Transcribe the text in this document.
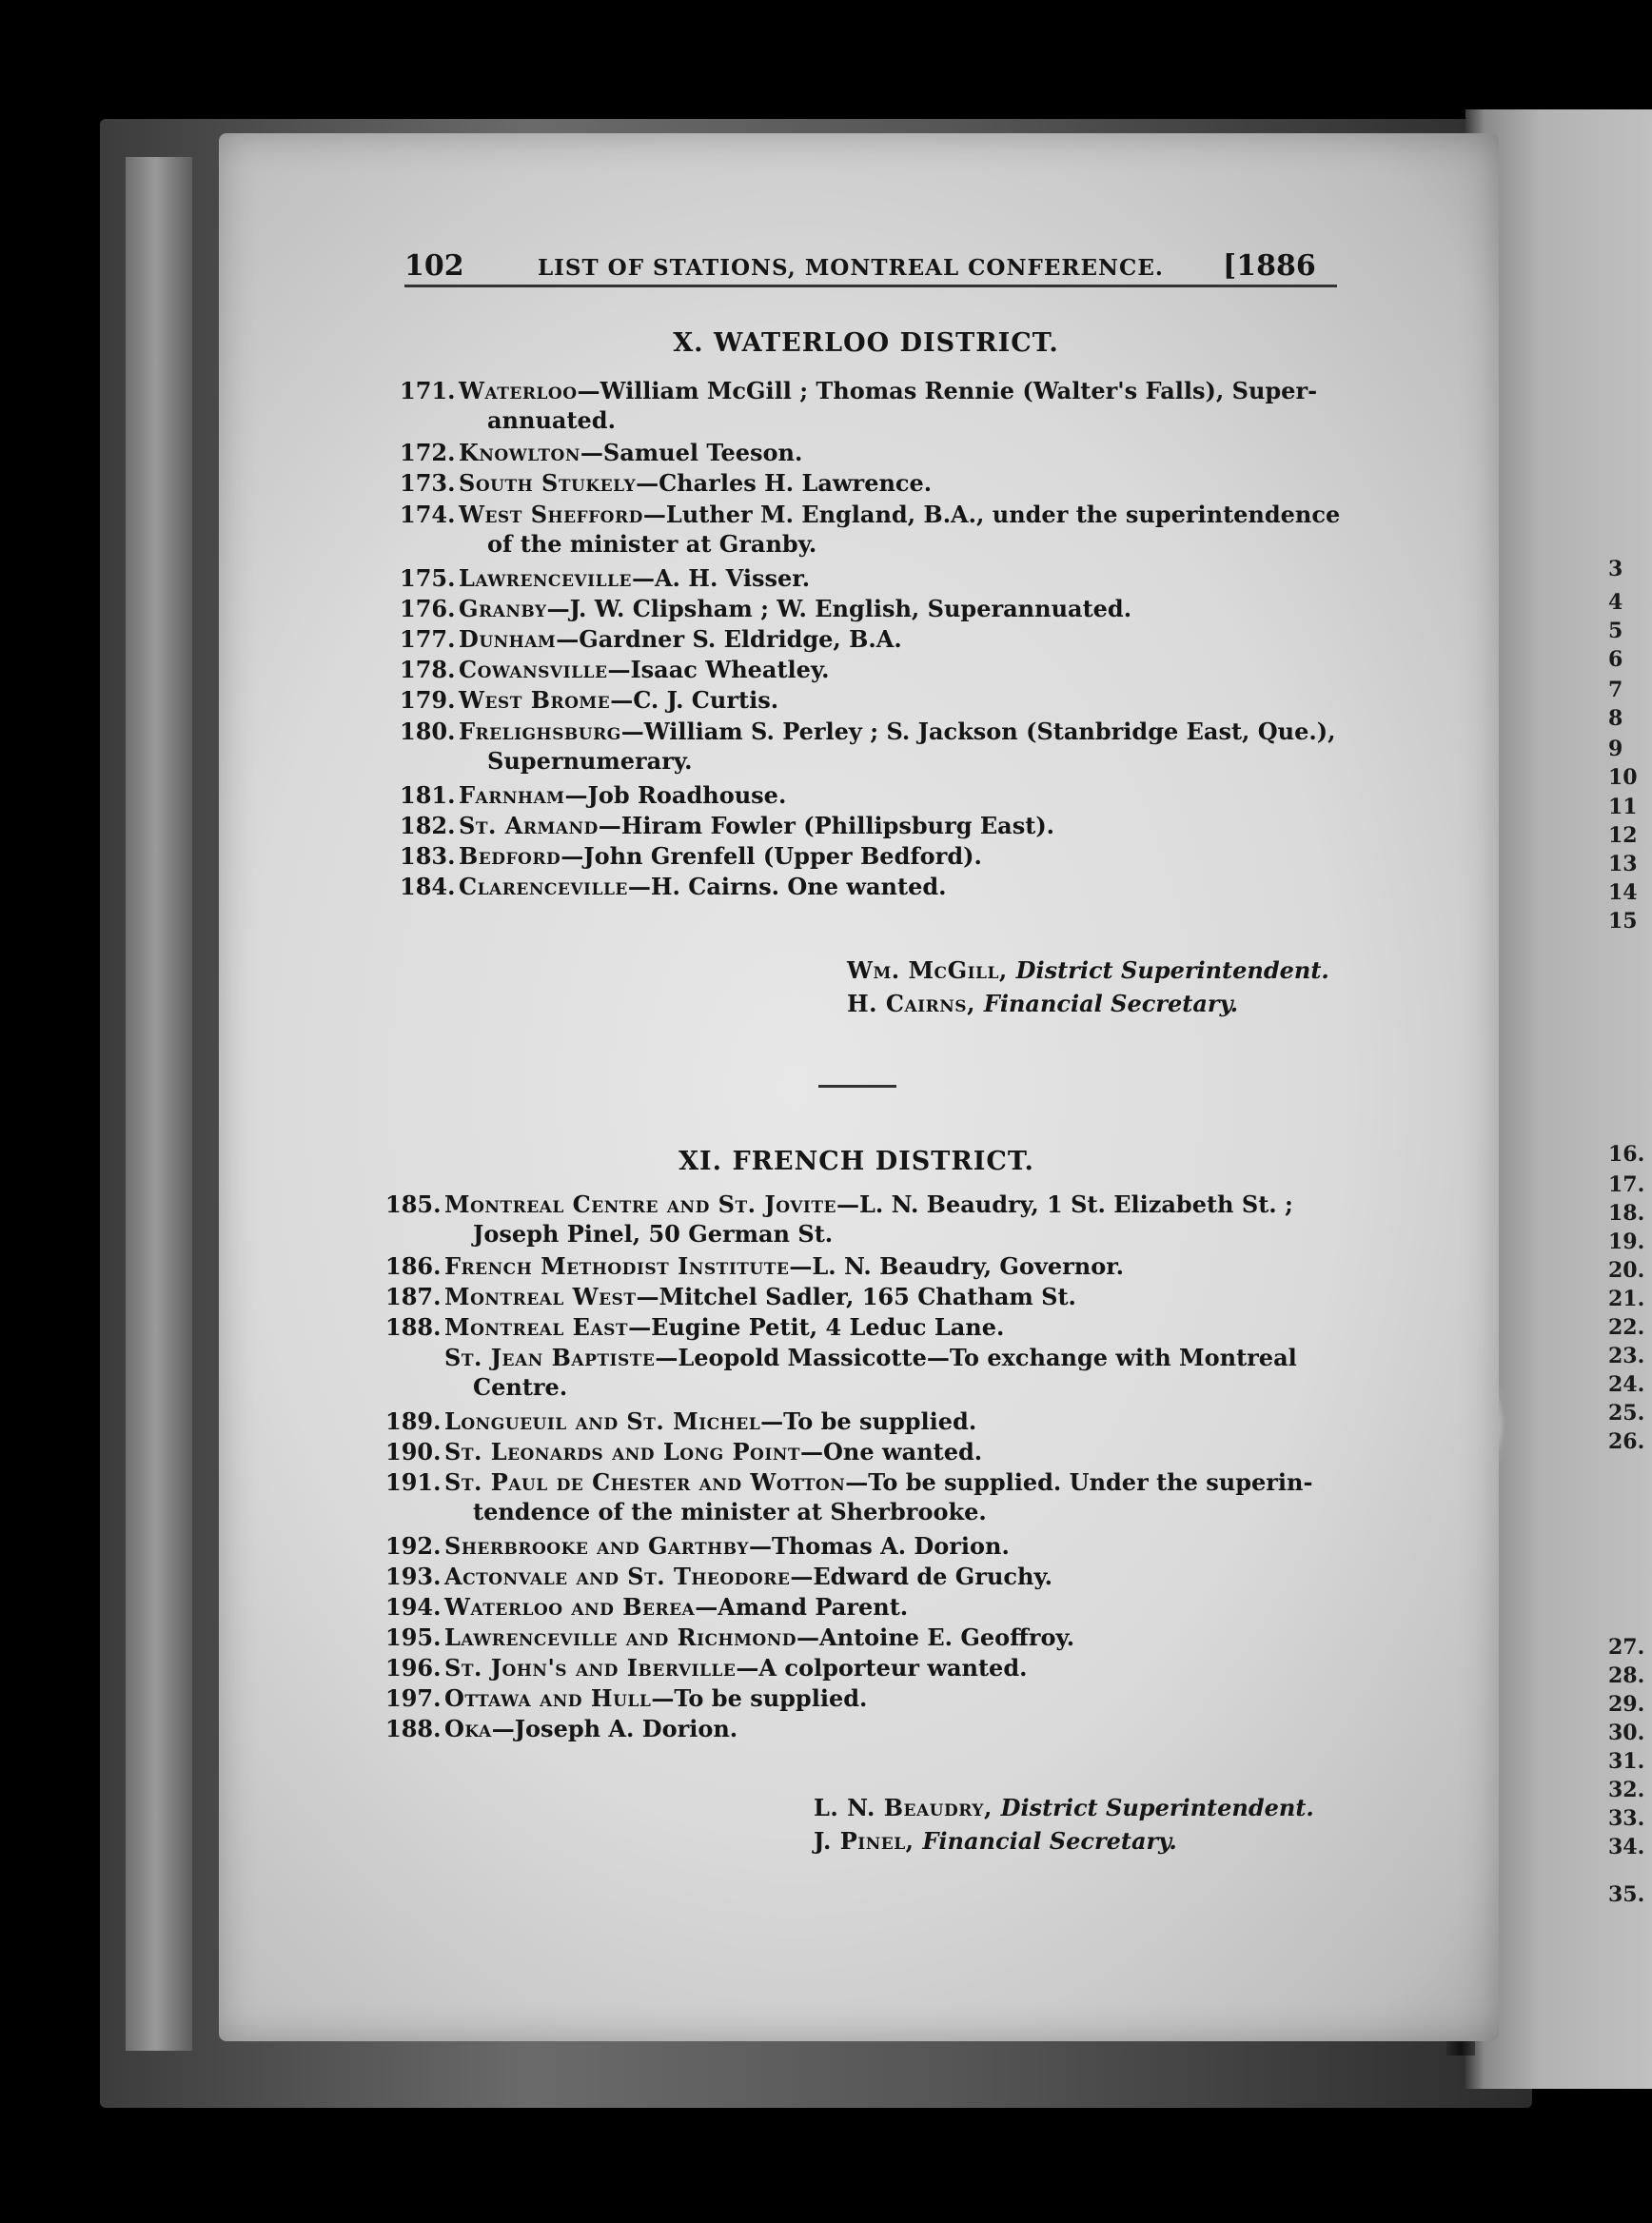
3
4
5
6
7
8
9
10
11
12
13
14
15
16.
17.
18.
19.
20.
21.
22.
23.
24.
25.
26.
27.
28.
29.
30.
31.
32.
33.
34.
35.
102	LIST OF STATIONS, MONTREAL CONFERENCE.	[1886
X. WATERLOO DISTRICT.
171. Waterloo—William McGill ; Thomas Rennie (Walter's Falls), Super-
annuated.
172. Knowlton—Samuel Teeson.
173. South Stukely—Charles H. Lawrence.
174. West Shefford—Luther M. England, B.A., under the superintendence
of the minister at Granby.
175. Lawrenceville—A. H. Visser.
176. Granby—J. W. Clipsham ; W. English, Superannuated.
177. Dunham—Gardner S. Eldridge, B.A.
178. Cowansville—Isaac Wheatley.
179. West Brome—C. J. Curtis.
180. Frelighsburg—William S. Perley ; S. Jackson (Stanbridge East, Que.),
Supernumerary.
181. Farnham—Job Roadhouse.
182. St. Armand—Hiram Fowler (Phillipsburg East).
183. Bedford—John Grenfell (Upper Bedford).
184. Clarenceville—H. Cairns. One wanted.
Wm. McGill, District Superintendent.
H. Cairns, Financial Secretary.
XI. FRENCH DISTRICT.
185. Montreal Centre and St. Jovite—L. N. Beaudry, 1 St. Elizabeth St. ;
Joseph Pinel, 50 German St.
186. French Methodist Institute—L. N. Beaudry, Governor.
187. Montreal West—Mitchel Sadler, 165 Chatham St.
188. Montreal East—Eugine Petit, 4 Leduc Lane.
St. Jean Baptiste—Leopold Massicotte—To exchange with Montreal
Centre.
189. Longueuil and St. Michel—To be supplied.
190. St. Leonards and Long Point—One wanted.
191. St. Paul de Chester and Wotton—To be supplied. Under the superin-
tendence of the minister at Sherbrooke.
192. Sherbrooke and Garthby—Thomas A. Dorion.
193. Actonvale and St. Theodore—Edward de Gruchy.
194. Waterloo and Berea—Amand Parent.
195. Lawrenceville and Richmond—Antoine E. Geoffroy.
196. St. John's and Iberville—A colporteur wanted.
197. Ottawa and Hull—To be supplied.
188. Oka—Joseph A. Dorion.
L. N. Beaudry, District Superintendent.
J. Pinel, Financial Secretary.
